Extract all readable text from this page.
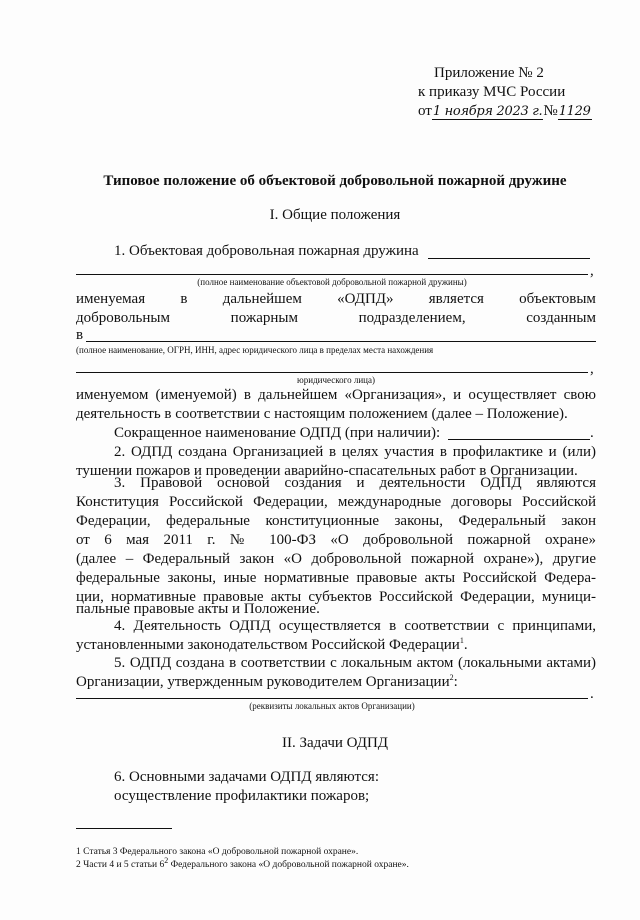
Приложение № 2
к приказу МЧС России
от1 ноября 2023 г.№1129
Типовое положение об объектовой добровольной пожарной дружине
I. Общие положения
1. Объектовая добровольная пожарная дружина
,
(полное наименование объектовой добровольной пожарной дружины)
именуемая в дальнейшем «ОДПД» является объектовым
добровольным	пожарным	подразделением,	созданным
в
(полное наименование, ОГРН, ИНН, адрес юридического лица в пределах места нахождения
,
юридического лица)
именуемом (именуемой) в дальнейшем «Организация», и осуществляет свою
деятельность в соответствии с настоящим положением (далее – Положение).
Сокращенное наименование ОДПД (при наличии):	.
2. ОДПД создана Организацией в целях участия в профилактике и (или)
тушении пожаров и проведении аварийно-спасательных работ в Организации.
3. Правовой основой создания и деятельности ОДПД являются
Конституция Российской Федерации, международные договоры Российской
Федерации, федеральные конституционные законы, Федеральный закон
от 6 мая 2011 г. № 100-ФЗ «О добровольной пожарной охране»
(далее – Федеральный закон «О добровольной пожарной охране»), другие
федеральные законы, иные нормативные правовые акты Российской Федера-
ции, нормативные правовые акты субъектов Российской Федерации, муници-
пальные правовые акты и Положение.
4. Деятельность ОДПД осуществляется в соответствии с принципами,
установленными законодательством Российской Федерации$^1$.
5. ОДПД создана в соответствии с локальным актом (локальными актами)
Организации, утвержденным руководителем Организации$^2$:
.
(реквизиты локальных актов Организации)
II. Задачи ОДПД
6. Основными задачами ОДПД являются:
осуществление профилактики пожаров;
1 Статья 3 Федерального закона «О добровольной пожарной охране».
2 Части 4 и 5 статьи $6^2$ Федерального закона «О добровольной пожарной охране».
